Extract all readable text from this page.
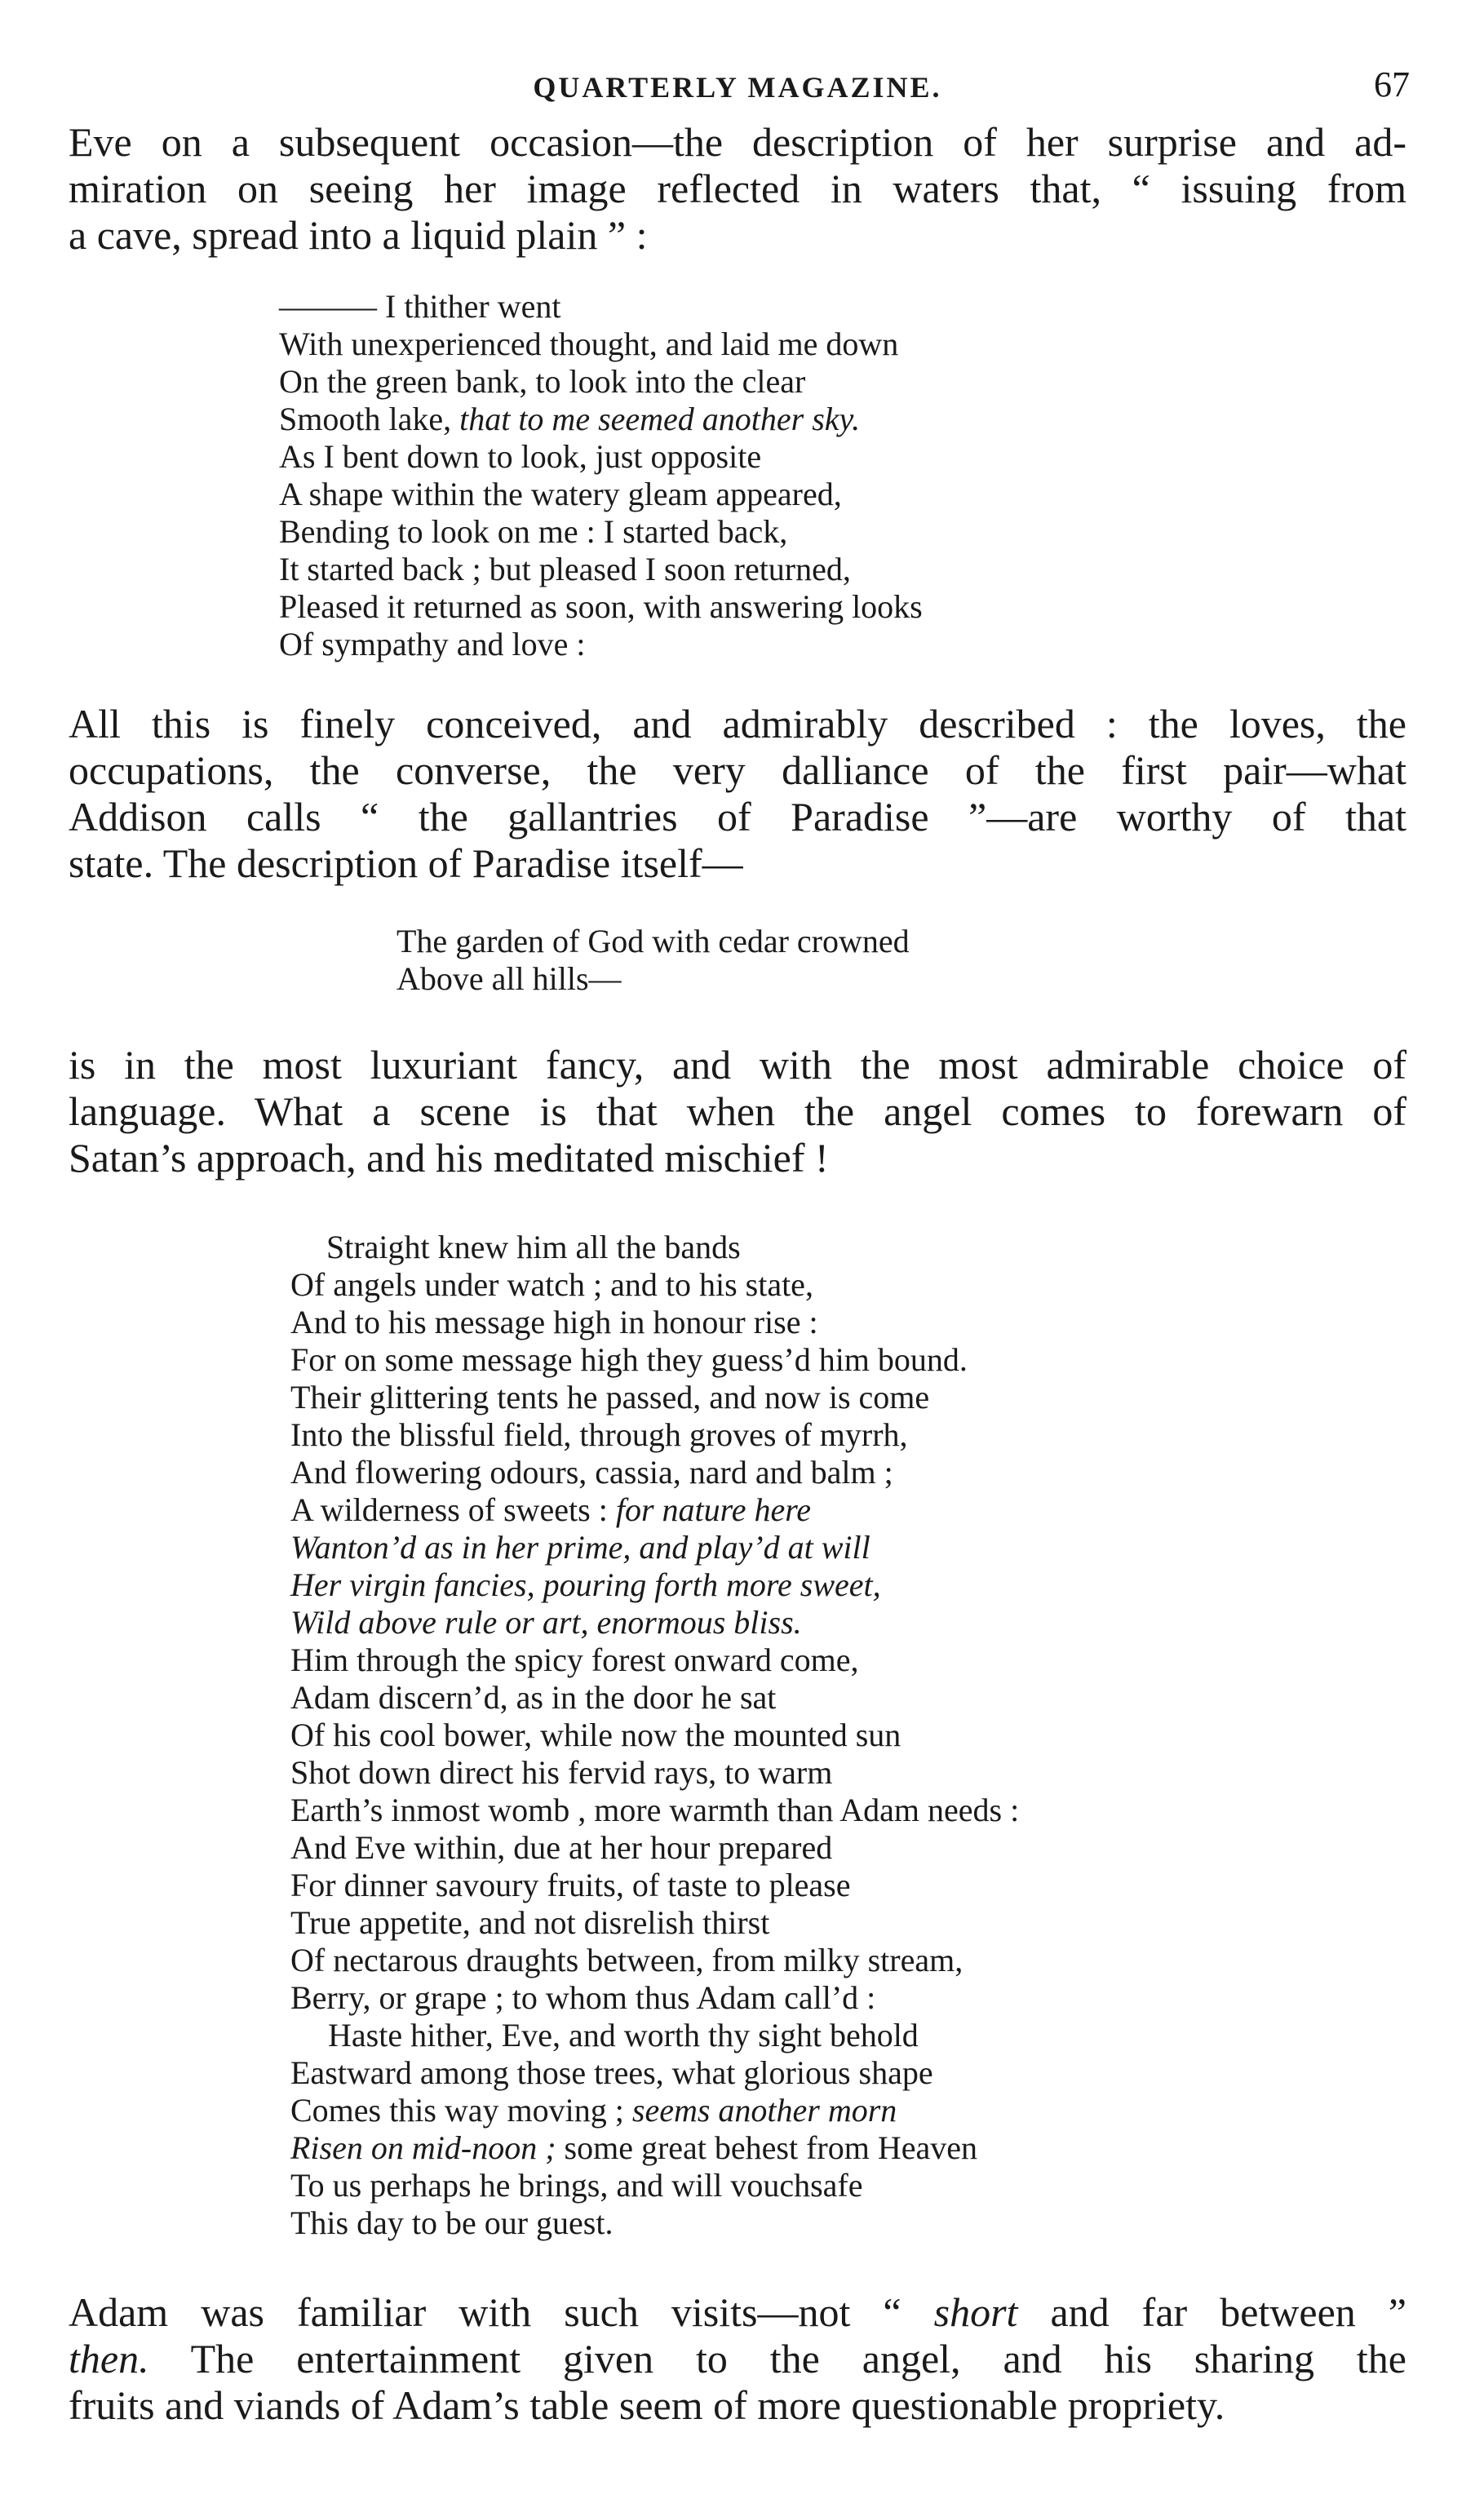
QUARTERLY MAGAZINE.	67

Eve on a subsequent occasion—the description of her surprise and ad-
miration on seeing her image reflected in waters that, “ issuing from
a cave, spread into a liquid plain ” :

——— I thither went
With unexperienced thought, and laid me down
On the green bank, to look into the clear
Smooth lake, that to me seemed another sky.
As I bent down to look, just opposite
A shape within the watery gleam appeared,
Bending to look on me : I started back,
It started back ; but pleased I soon returned,
Pleased it returned as soon, with answering looks
Of sympathy and love :

All this is finely conceived, and admirably described : the loves, the
occupations, the converse, the very dalliance of the first pair—what
Addison calls “ the gallantries of Paradise ”—are worthy of that
state. The description of Paradise itself—

The garden of God with cedar crowned
Above all hills—

is in the most luxuriant fancy, and with the most admirable choice of
language. What a scene is that when the angel comes to forewarn of
Satan’s approach, and his meditated mischief !

Straight knew him all the bands
Of angels under watch ; and to his state,
And to his message high in honour rise :
For on some message high they guess’d him bound.
Their glittering tents he passed, and now is come
Into the blissful field, through groves of myrrh,
And flowering odours, cassia, nard and balm ;
A wilderness of sweets : for nature here
Wanton’d as in her prime, and play’d at will
Her virgin fancies, pouring forth more sweet,
Wild above rule or art, enormous bliss.
Him through the spicy forest onward come,
Adam discern’d, as in the door he sat
Of his cool bower, while now the mounted sun
Shot down direct his fervid rays, to warm
Earth’s inmost womb , more warmth than Adam needs :
And Eve within, due at her hour prepared
For dinner savoury fruits, of taste to please
True appetite, and not disrelish thirst
Of nectarous draughts between, from milky stream,
Berry, or grape ; to whom thus Adam call’d :
Haste hither, Eve, and worth thy sight behold
Eastward among those trees, what glorious shape
Comes this way moving ; seems another morn
Risen on mid-noon ; some great behest from Heaven
To us perhaps he brings, and will vouchsafe
This day to be our guest.

Adam was familiar with such visits—not “ short and far between ”
then. The entertainment given to the angel, and his sharing the
fruits and viands of Adam’s table seem of more questionable propriety.
